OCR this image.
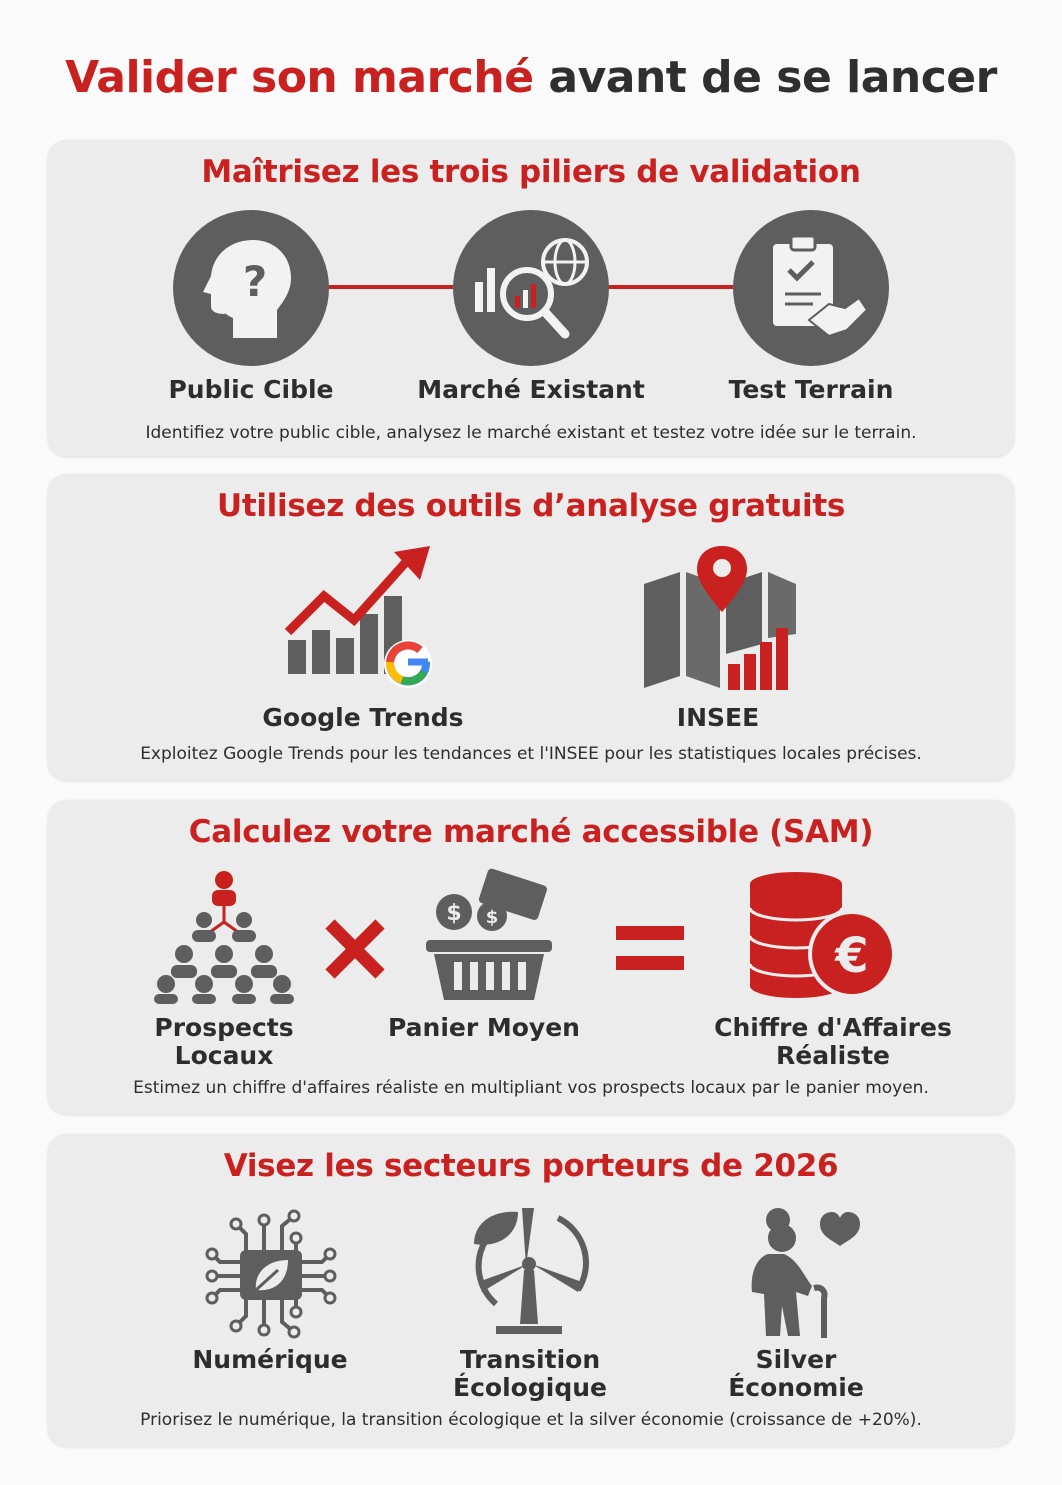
Valider son marché avant de se lancer
Maîtrisez les trois piliers de validation
?
Public Cible	Marché Existant	Test Terrain
Identifiez votre public cible, analysez le marché existant et testez votre idée sur le terrain.
Utilisez des outils d’analyse gratuits
Google Trends	INSEE
Exploitez Google Trends pour les tendances et l'INSEE pour les statistiques locales précises.
Calculez votre marché accessible (SAM)
$ $
€
Prospects
Locaux
Panier Moyen	Chiffre d'Affaires
Réaliste
Estimez un chiffre d'affaires réaliste en multipliant vos prospects locaux par le panier moyen.
Visez les secteurs porteurs de 2026
Numérique	Transition
Écologique
Silver
Économie
Priorisez le numérique, la transition écologique et la silver économie (croissance de +20%).
